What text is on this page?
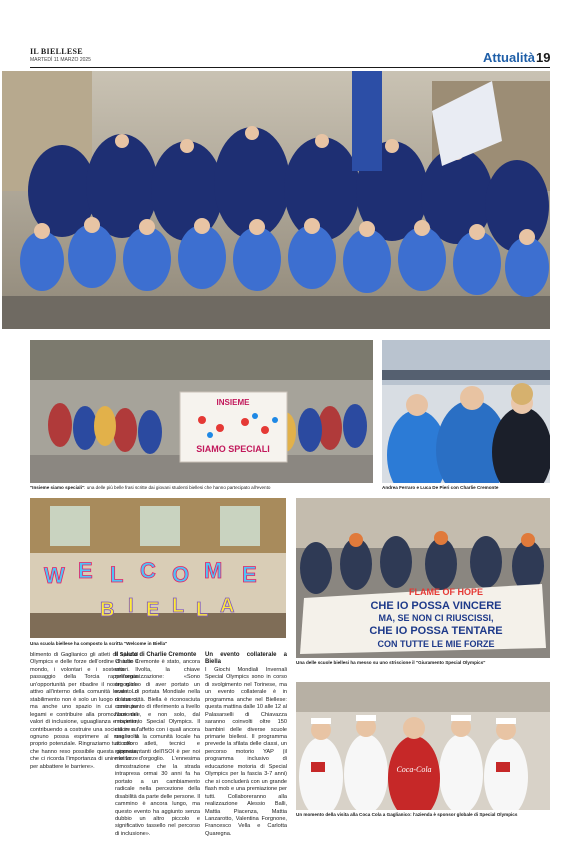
IL BIELLESE
MARTEDÌ 11 MARZO 2025	Attualità 19
INSIEME
SIAMO SPECIALI
"Insieme siamo speciali": una delle più belle frasi scritte dai giovani studenti biellesi che hanno partecipato all'evento	Andrea Ferraro e Luca De Pieri con Charlie Cremonte
W E L C O M E
B I E L L A
Una scuola biellese ha composto la scritta "Welcome in Biella"
FLAME OF HOPE
CHE IO POSSA VINCERE
MA, SE NON CI RIUSCISSI,
CHE IO POSSA TENTARE
CON TUTTE LE MIE FORZE
Una delle scuole biellesi ha messo su uno striscione il "Giuramento Special Olympics"
Coca-Cola
Un momento della visita alla Coca Cola a Gaglianico: l'azienda è sponsor globale di Special Olympics

blimento di Gaglianico gli atleti di Special Olympics e delle forze dell'ordine di tutto il mondo, i volontari e i sostenitori. Il passaggio della Torcia rappresenta un'opportunità per ribadire il nostro ruolo attivo all'interno della comunità locale. Lo stabilimento non è solo un luogo di lavoro, ma anche uno spazio in cui costruire legami e contribuire alla promozione dei valori di inclusione, uguaglianza e rispetto, contribuendo a costruire una società in cui ognuno possa esprimere al meglio il proprio potenziale. Ringraziamo tutti coloro che hanno reso possibile questa giornata, che ci ricorda l'importanza di unire le forze per abbattere le barriere».

Il saluto di Charlie Cremonte

Charlie Cremonte è stato, ancora una volta, la chiave nell'organizzazione: «Sono orgoglioso di aver portato un evento di portata Mondiale nella nostra città. Biella è riconosciuta come punto di riferimento a livello Nazionale, e non solo, dal movimento Special Olympics. Il calore e l'affetto con i quali ancora una volta la comunità locale ha accolto atleti, tecnici e rappresentanti dell'ISOI è per noi motivo d'orgoglio. L'ennesima dimostrazione che la strada intrapresa ormai 30 anni fa ha portato a un cambiamento radicale nella percezione della disabilità da parte delle persone. Il cammino è ancora lungo, ma questo evento ha aggiunto senza dubbio un altro piccolo e significativo tassello nel percorso di inclusione».

Un evento collaterale a Biella

I Giochi Mondiali Invernali Special Olympics sono in corso di svolgimento nel Torinese, ma un evento collaterale è in programma anche nel Biellese: questa mattina dalle 10 alle 12 al Palasarselli di Chiavazza saranno coinvolti oltre 150 bambini delle diverse scuole primarie biellesi. Il programma prevede la sfilata delle classi, un percorso motorio YAP (il programma inclusivo di educazione motoria di Special Olympics per la fascia 3-7 anni) che si concluderà con un grande flash mob e una premiazione per tutti. Collaboreranno alla realizzazione Alessio Balli, Mattia Piacenza, Mattia Lanzarotto, Valentina Forgnone, Francesco Vella e Carlotta Quaregna.
